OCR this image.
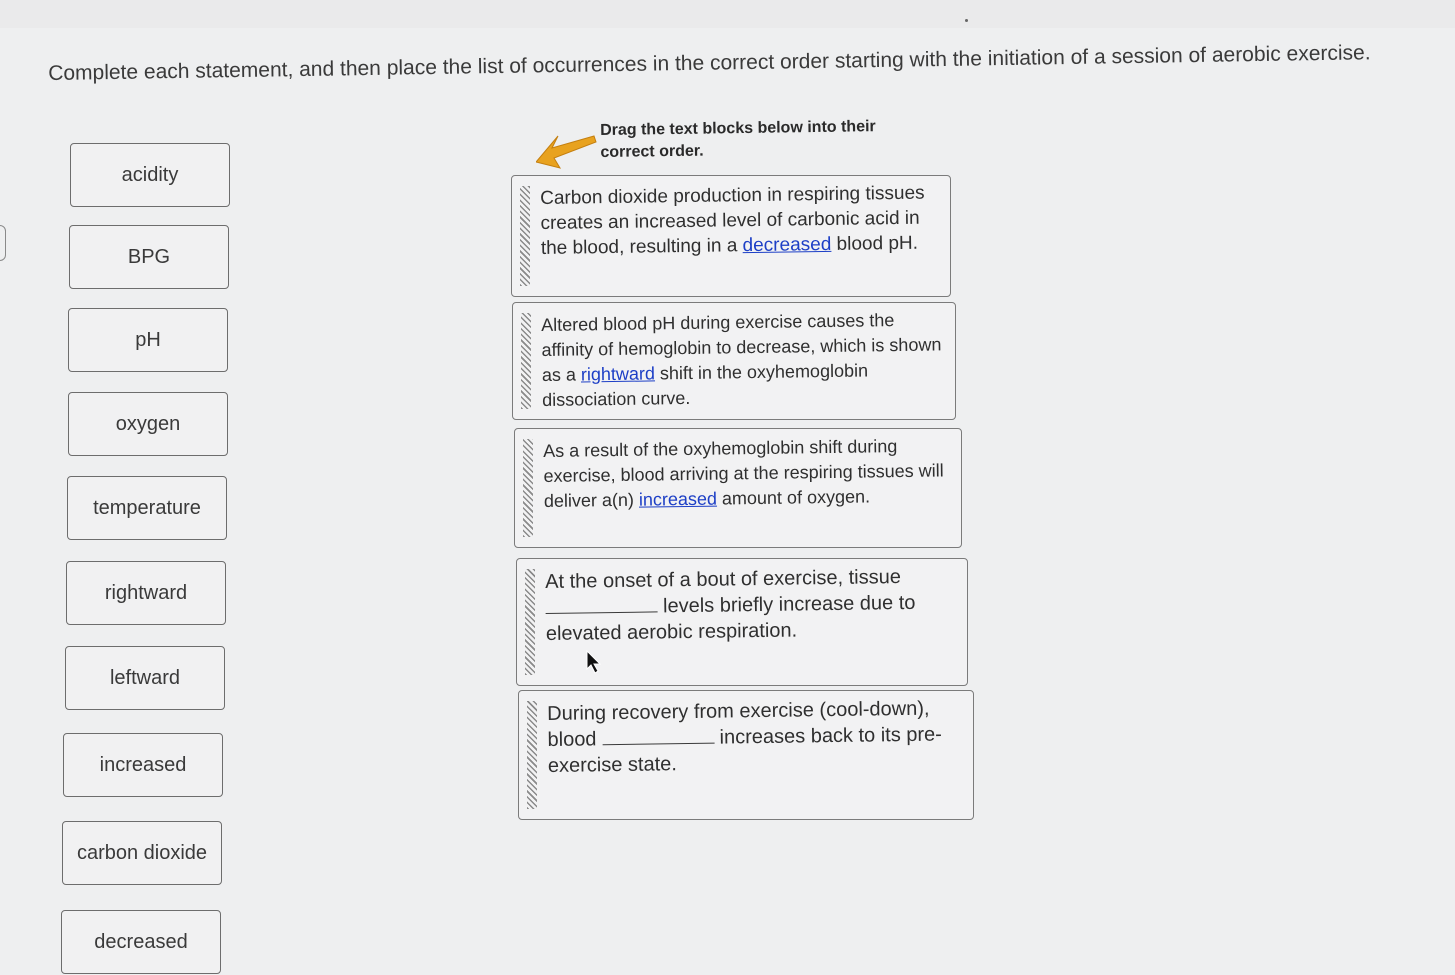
Complete each statement, and then place the list of occurrences in the correct order starting with the initiation of a session of aerobic exercise.
acidity
BPG
pH
oxygen
temperature
rightward
leftward
increased
carbon dioxide
decreased
Drag the text blocks below into their correct order.
Carbon dioxide production in respiring tissues creates an increased level of carbonic acid in the blood, resulting in a decreased blood pH.
Altered blood pH during exercise causes the affinity of hemoglobin to decrease, which is shown as a rightward shift in the oxyhemoglobin dissociation curve.
As a result of the oxyhemoglobin shift during exercise, blood arriving at the respiring tissues will deliver a(n) increased amount of oxygen.
At the onset of a bout of exercise, tissue
levels briefly increase due to elevated aerobic respiration.
During recovery from exercise (cool-down), blood	increases back to its pre-exercise state.
